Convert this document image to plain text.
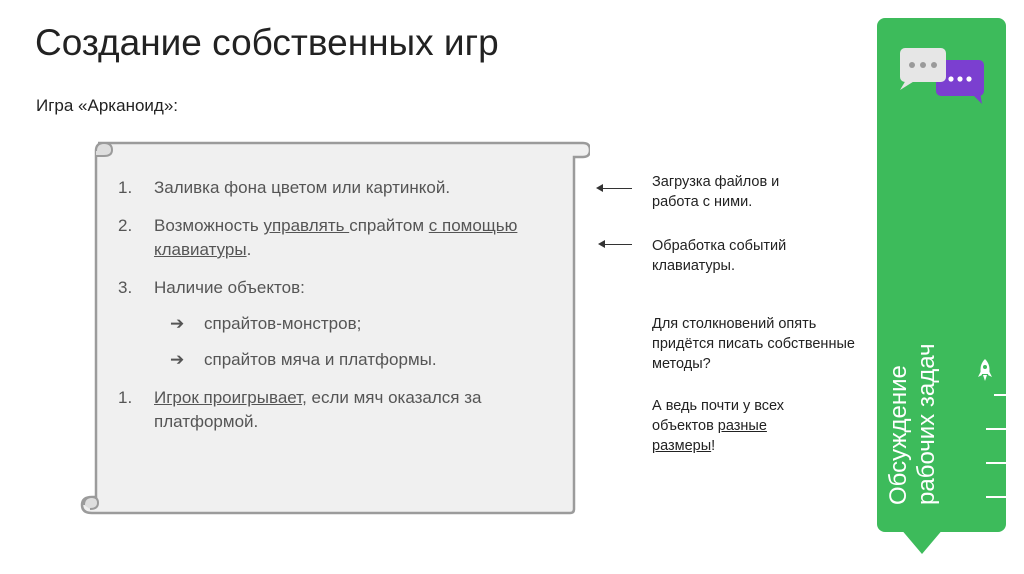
Создание собственных игр
Игра «Арканоид»:
1. Заливка фона цветом или картинкой.
2. Возможность управлять спрайтом с помощью клавиатуры.
3. Наличие объектов:
➔ спрайтов-монстров;
➔ спрайтов мяча и платформы.
1. Игрок проигрывает, если мяч оказался за платформой.
Загрузка файлов и работа с ними.
Обработка событий клавиатуры.
Для столкновений опять придётся писать собственные методы?
А ведь почти у всех объектов разные размеры!	Обсуждение рабочих задач
